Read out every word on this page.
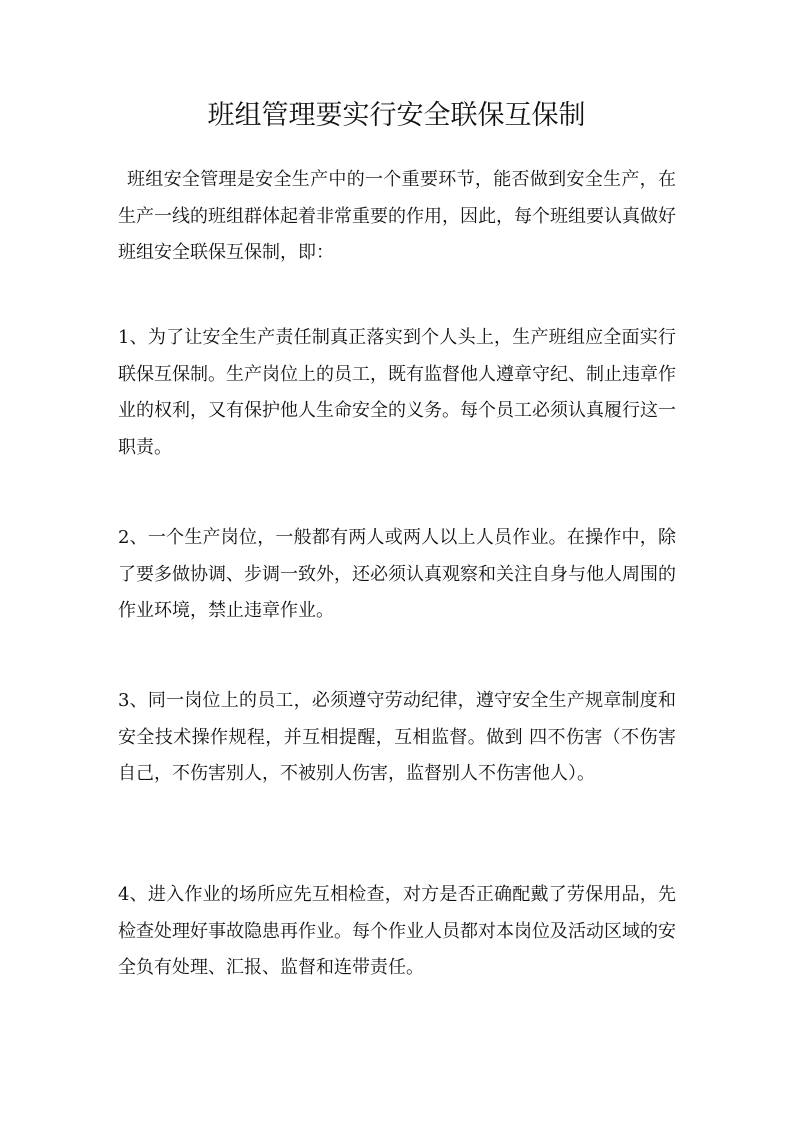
班组管理要实行安全联保互保制

班组安全管理是安全生产中的一个重要环节，能否做到安全生产，在生产一线的班组群体起着非常重要的作用，因此，每个班组要认真做好班组安全联保互保制，即：

1、为了让安全生产责任制真正落实到个人头上，生产班组应全面实行联保互保制。生产岗位上的员工，既有监督他人遵章守纪、制止违章作业的权利，又有保护他人生命安全的义务。每个员工必须认真履行这一职责。

2、一个生产岗位，一般都有两人或两人以上人员作业。在操作中，除了要多做协调、步调一致外，还必须认真观察和关注自身与他人周围的作业环境，禁止违章作业。

3、同一岗位上的员工，必须遵守劳动纪律，遵守安全生产规章制度和安全技术操作规程，并互相提醒，互相监督。做到 四不伤害（不伤害自己，不伤害别人，不被别人伤害，监督别人不伤害他人）。

4、进入作业的场所应先互相检查，对方是否正确配戴了劳保用品，先检查处理好事故隐患再作业。每个作业人员都对本岗位及活动区域的安全负有处理、汇报、监督和连带责任。
